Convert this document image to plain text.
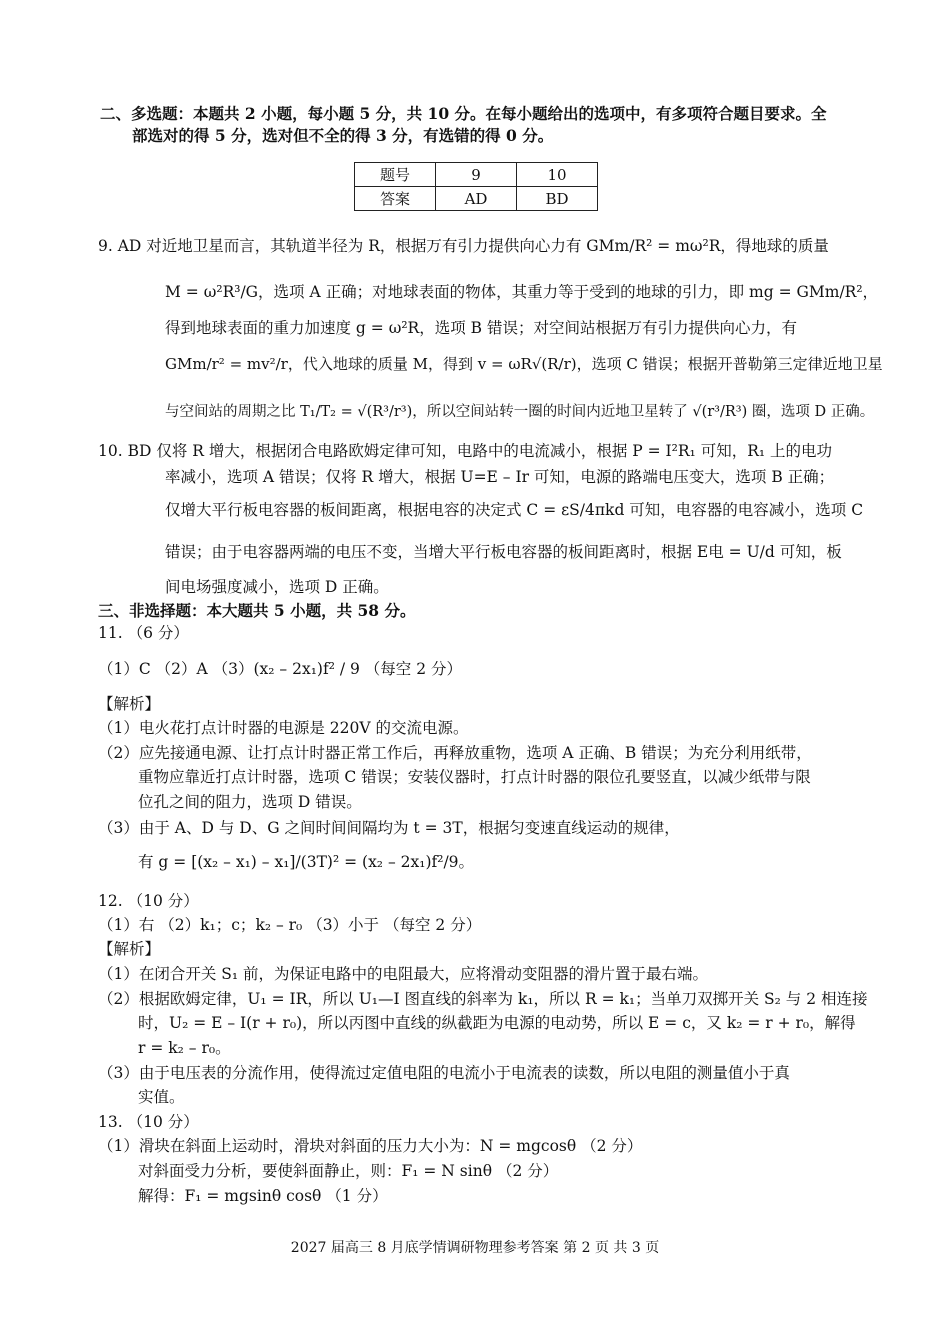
二、多选题：本题共 2 小题，每小题 5 分，共 10 分。在每小题给出的选项中，有多项符合题目要求。全
部选对的得 5 分，选对但不全的得 3 分，有选错的得 0 分。
题号	9	10
答案	AD	BD
9. AD 对近地卫星而言，其轨道半径为 R，根据万有引力提供向心力有 GMm/R² = mω²R，得地球的质量
M = ω²R³/G，选项 A 正确；对地球表面的物体，其重力等于受到的地球的引力，即 mg = GMm/R²，
得到地球表面的重力加速度 g = ω²R，选项 B 错误；对空间站根据万有引力提供向心力，有
GMm/r² = mv²/r，代入地球的质量 M，得到 v = ωR√(R/r)，选项 C 错误；根据开普勒第三定律近地卫星
与空间站的周期之比 T₁/T₂ = √(R³/r³)，所以空间站转一圈的时间内近地卫星转了 √(r³/R³) 圈，选项 D 正确。
10. BD 仅将 R 增大，根据闭合电路欧姆定律可知，电路中的电流减小，根据 P = I²R₁ 可知，R₁ 上的电功
率减小，选项 A 错误；仅将 R 增大，根据 U=E – Ir 可知，电源的路端电压变大，选项 B 正确；
仅增大平行板电容器的板间距离，根据电容的决定式 C = εS/4πkd 可知，电容器的电容减小，选项 C
错误；由于电容器两端的电压不变，当增大平行板电容器的板间距离时，根据 E电 = U/d 可知，板
间电场强度减小，选项 D 正确。
三、非选择题：本大题共 5 小题，共 58 分。
11. （6 分）
（1）C （2）A （3）(x₂ – 2x₁)f² / 9 （每空 2 分）
【解析】
（1）电火花打点计时器的电源是 220V 的交流电源。
（2）应先接通电源、让打点计时器正常工作后，再释放重物，选项 A 正确、B 错误；为充分利用纸带，
重物应靠近打点计时器，选项 C 错误；安装仪器时，打点计时器的限位孔要竖直，以减少纸带与限
位孔之间的阻力，选项 D 错误。
（3）由于 A、D 与 D、G 之间时间间隔均为 t = 3T，根据匀变速直线运动的规律，
有 g = [(x₂ – x₁) – x₁]/(3T)² = (x₂ – 2x₁)f²/9。
12. （10 分）
（1）右 （2）k₁；c；k₂ – r₀ （3）小于 （每空 2 分）
【解析】
（1）在闭合开关 S₁ 前，为保证电路中的电阻最大，应将滑动变阻器的滑片置于最右端。
（2）根据欧姆定律，U₁ = IR，所以 U₁—I 图直线的斜率为 k₁，所以 R = k₁；当单刀双掷开关 S₂ 与 2 相连接
时，U₂ = E – I(r + r₀)，所以丙图中直线的纵截距为电源的电动势，所以 E = c，又 k₂ = r + r₀，解得
r = k₂ – r₀。
（3）由于电压表的分流作用，使得流过定值电阻的电流小于电流表的读数，所以电阻的测量值小于真
实值。
13. （10 分）
（1）滑块在斜面上运动时，滑块对斜面的压力大小为：N = mgcosθ （2 分）
对斜面受力分析，要使斜面静止，则：F₁ = N sinθ （2 分）
解得：F₁ = mgsinθ cosθ （1 分）
2027 届高三 8 月底学情调研物理参考答案 第 2 页 共 3 页
